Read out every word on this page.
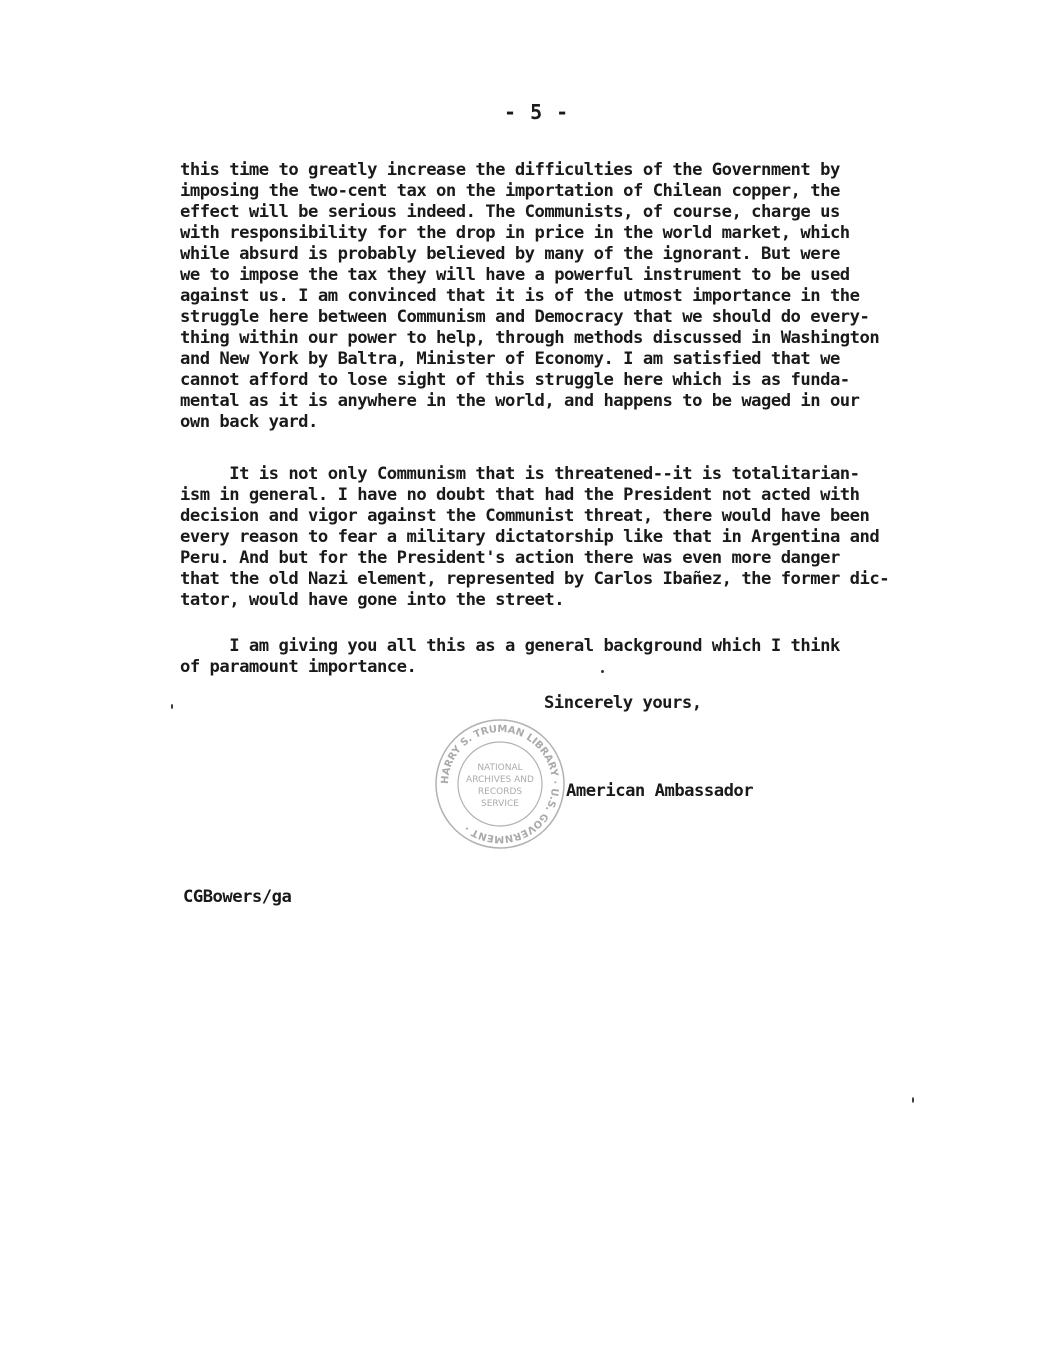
- 5 -
this time to greatly increase the difficulties of the Government by
imposing the two-cent tax on the importation of Chilean copper, the
effect will be serious indeed. The Communists, of course, charge us
with responsibility for the drop in price in the world market, which
while absurd is probably believed by many of the ignorant. But were
we to impose the tax they will have a powerful instrument to be used
against us. I am convinced that it is of the utmost importance in the
struggle here between Communism and Democracy that we should do every-
thing within our power to help, through methods discussed in Washington
and New York by Baltra, Minister of Economy. I am satisfied that we
cannot afford to lose sight of this struggle here which is as funda-
mental as it is anywhere in the world, and happens to be waged in our
own back yard.
It is not only Communism that is threatened--it is totalitarian-
ism in general. I have no doubt that had the President not acted with
decision and vigor against the Communist threat, there would have been
every reason to fear a military dictatorship like that in Argentina and
Peru. And but for the President's action there was even more danger
that the old Nazi element, represented by Carlos Ibañez, the former dic-
tator, would have gone into the street.
I am giving you all this as a general background which I think
of paramount importance.
Sincerely yours,
HARRY S. TRUMAN LIBRARY · U.S. GOVERNMENT ·
NATIONAL
ARCHIVES AND
RECORDS
SERVICE
American Ambassador
CGBowers/ga
